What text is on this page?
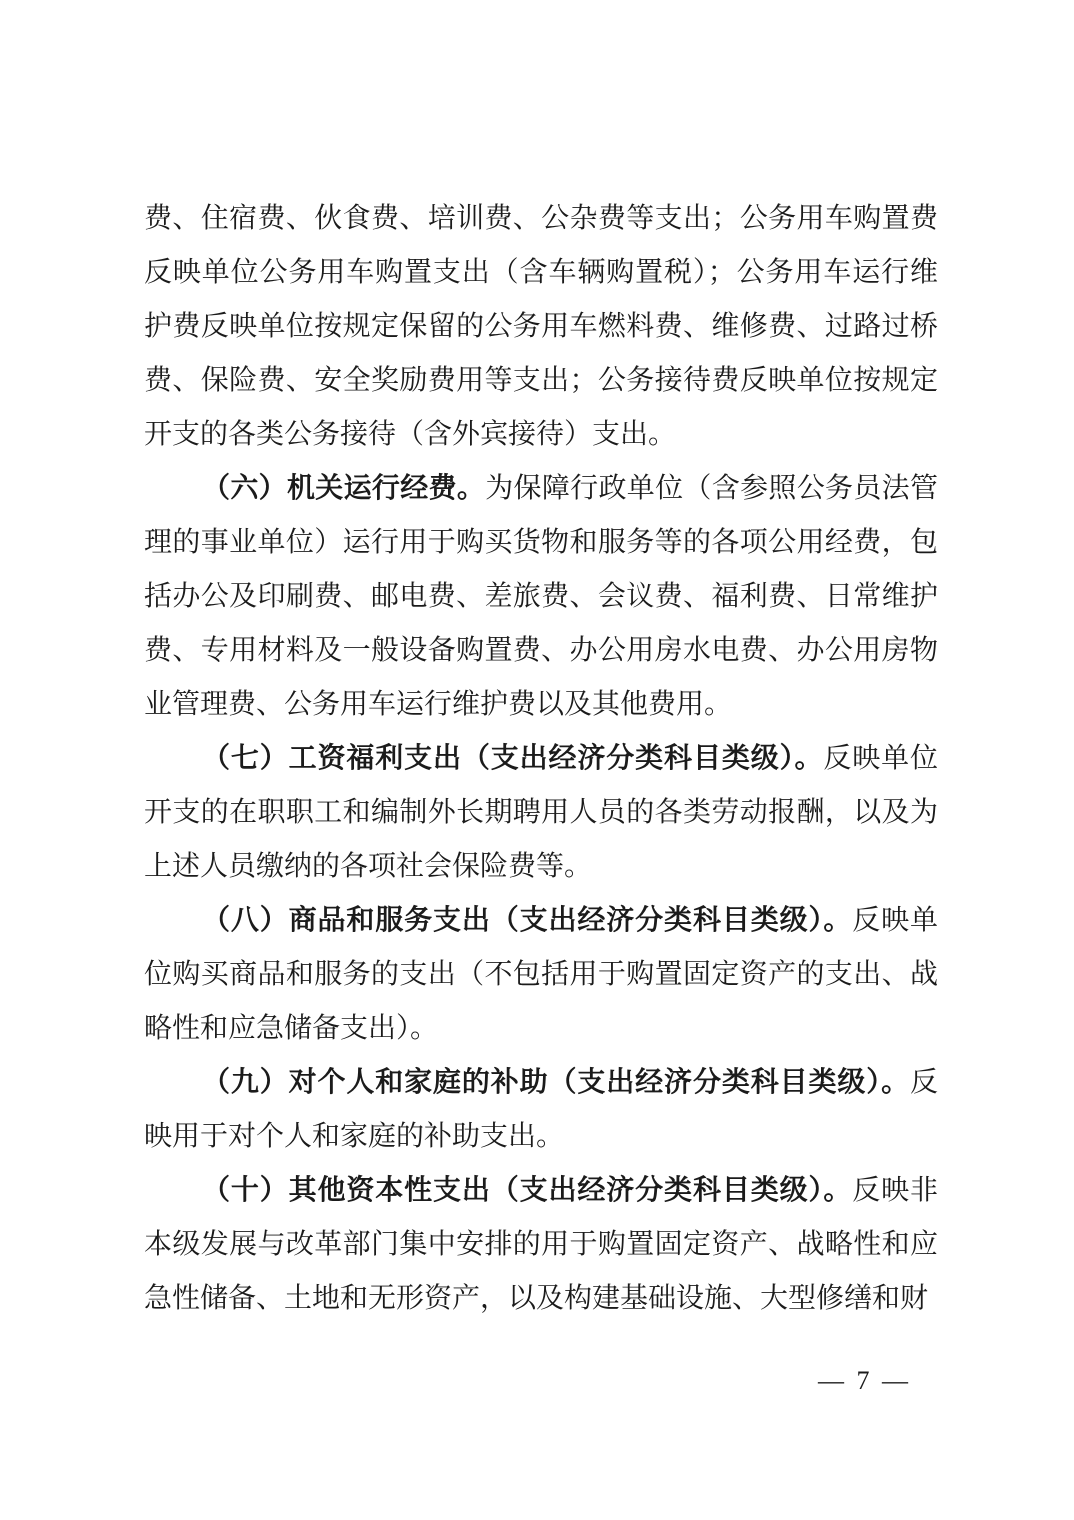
费、住宿费、伙食费、培训费、公杂费等支出；公务用车购置费反映单位公务用车购置支出（含车辆购置税）；公务用车运行维护费反映单位按规定保留的公务用车燃料费、维修费、过路过桥费、保险费、安全奖励费用等支出；公务接待费反映单位按规定开支的各类公务接待（含外宾接待）支出。

（六）机关运行经费。为保障行政单位（含参照公务员法管理的事业单位）运行用于购买货物和服务等的各项公用经费，包括办公及印刷费、邮电费、差旅费、会议费、福利费、日常维护费、专用材料及一般设备购置费、办公用房水电费、办公用房物业管理费、公务用车运行维护费以及其他费用。

（七）工资福利支出（支出经济分类科目类级）。反映单位开支的在职职工和编制外长期聘用人员的各类劳动报酬，以及为上述人员缴纳的各项社会保险费等。

（八）商品和服务支出（支出经济分类科目类级）。反映单位购买商品和服务的支出（不包括用于购置固定资产的支出、战略性和应急储备支出）。

（九）对个人和家庭的补助（支出经济分类科目类级）。反映用于对个人和家庭的补助支出。

（十）其他资本性支出（支出经济分类科目类级）。反映非本级发展与改革部门集中安排的用于购置固定资产、战略性和应急性储备、土地和无形资产，以及构建基础设施、大型修缮和财

— 7 —
